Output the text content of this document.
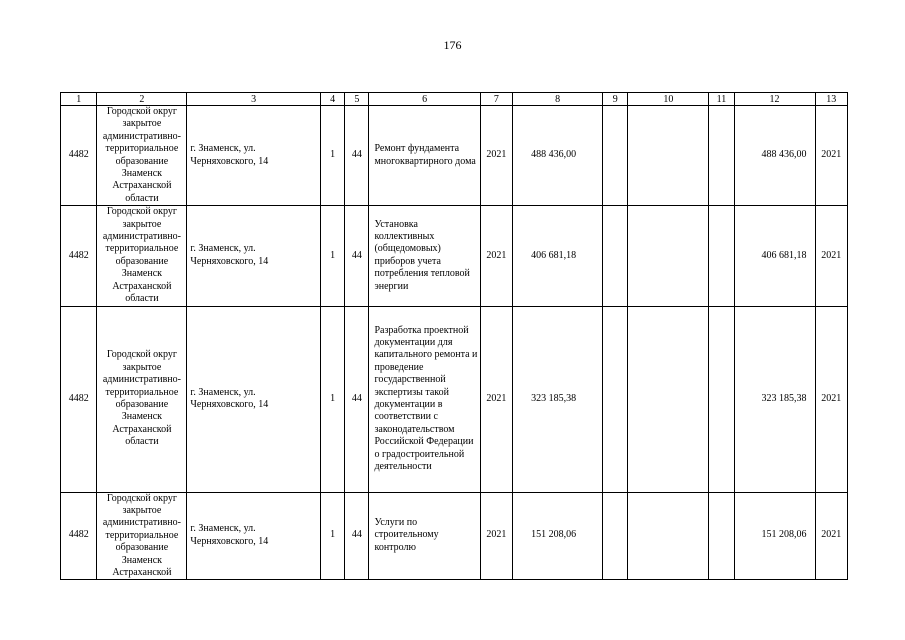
176
1	2	3	4	5	6	7	8	9	10	11	12	13
4482	Городской округ закрытое административно-территориальное образование Знаменск Астраханской области	г. Знаменск, ул. Черняховского, 14	1	44	Ремонт фундамента многоквартирного дома	2021	488 436,00				488 436,00	2021
4482	Городской округ закрытое административно-территориальное образование Знаменск Астраханской области	г. Знаменск, ул. Черняховского, 14	1	44	Установка коллективных (общедомовых) приборов учета потребления тепловой энергии	2021	406 681,18				406 681,18	2021
4482	Городской округ закрытое административно-территориальное образование Знаменск Астраханской области	г. Знаменск, ул. Черняховского, 14	1	44	Разработка проектной документации для капитального ремонта и проведение государственной экспертизы такой документации в соответствии с законодательством Российской Федерации о градостроительной деятельности	2021	323 185,38				323 185,38	2021
4482	Городской округ закрытое административно-территориальное образование Знаменск Астраханской	г. Знаменск, ул. Черняховского, 14	1	44	Услуги по строительному контролю	2021	151 208,06				151 208,06	2021
